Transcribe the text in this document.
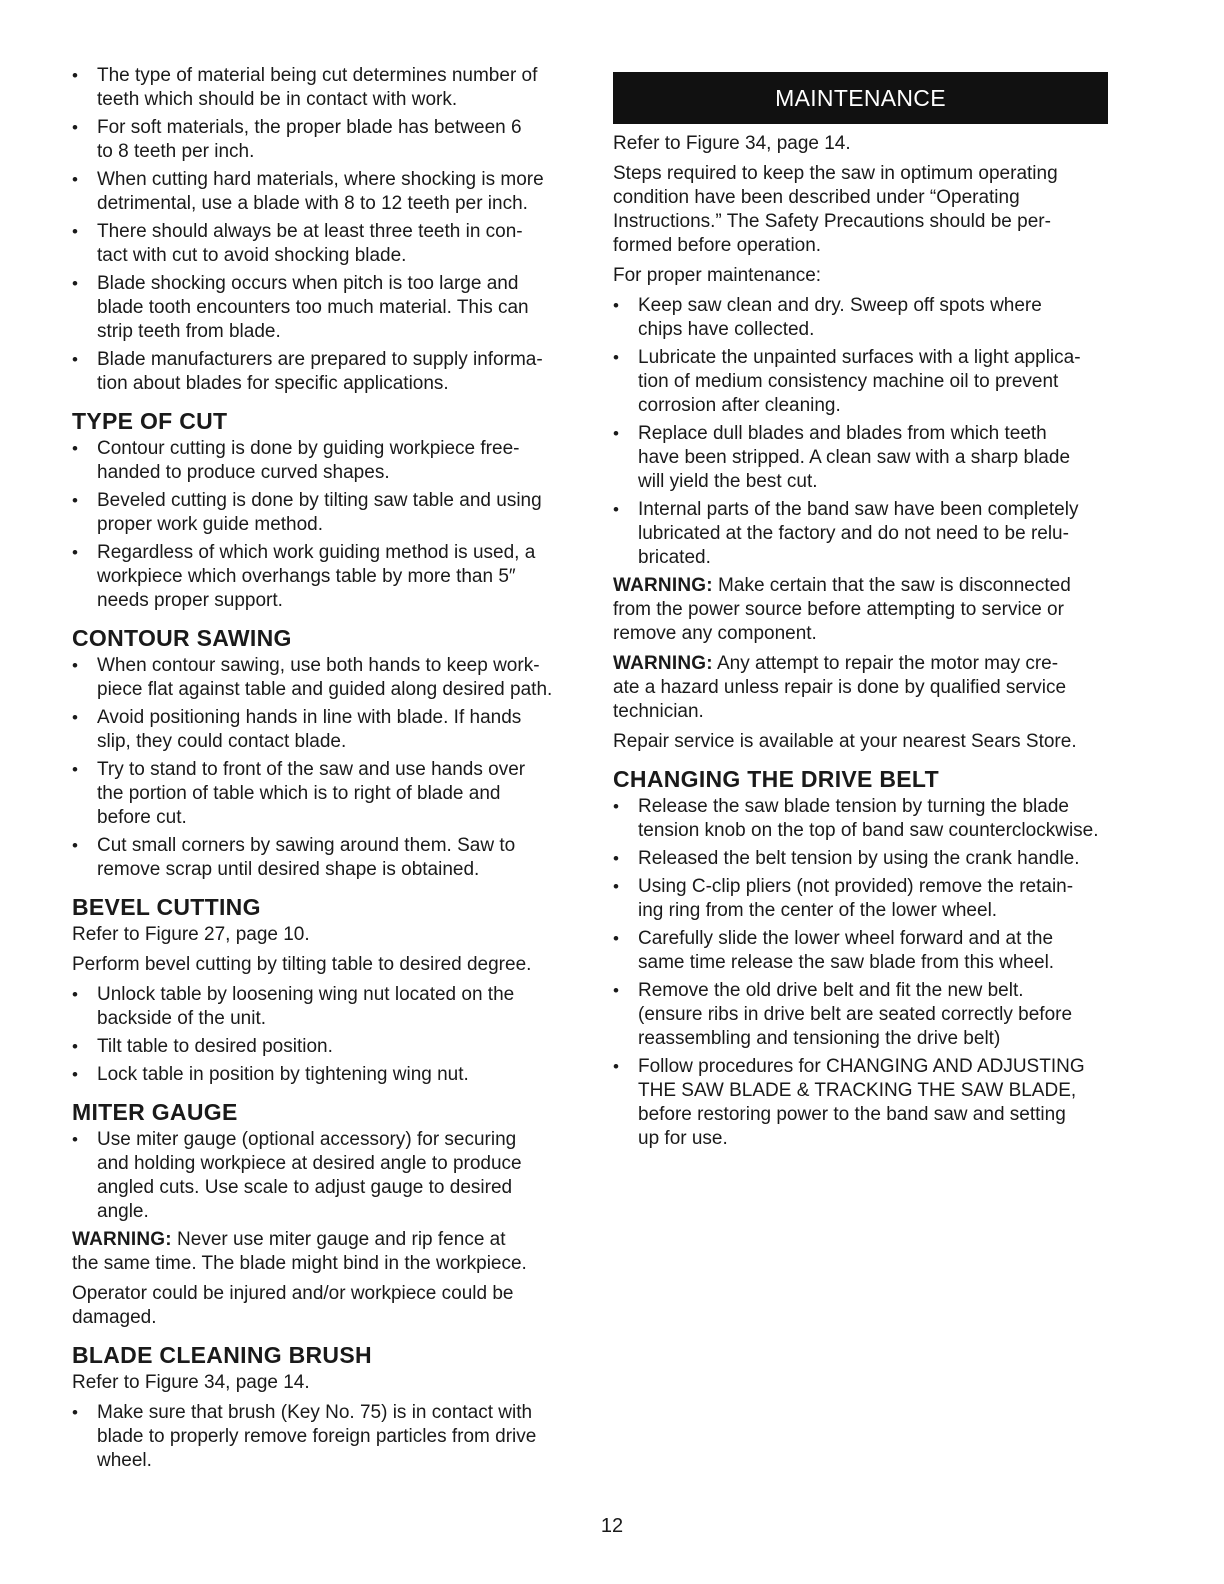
• The type of material being cut determines number of
teeth which should be in contact with work.
• For soft materials, the proper blade has between 6
to 8 teeth per inch.
• When cutting hard materials, where shocking is more
detrimental, use a blade with 8 to 12 teeth per inch.
• There should always be at least three teeth in con-
tact with cut to avoid shocking blade.
• Blade shocking occurs when pitch is too large and
blade tooth encounters too much material. This can
strip teeth from blade.
• Blade manufacturers are prepared to supply informa-
tion about blades for specific applications.
TYPE OF CUT
• Contour cutting is done by guiding workpiece free-
handed to produce curved shapes.
• Beveled cutting is done by tilting saw table and using
proper work guide method.
• Regardless of which work guiding method is used, a
workpiece which overhangs table by more than 5″
needs proper support.
CONTOUR SAWING
• When contour sawing, use both hands to keep work-
piece flat against table and guided along desired path.
• Avoid positioning hands in line with blade. If hands
slip, they could contact blade.
• Try to stand to front of the saw and use hands over
the portion of table which is to right of blade and
before cut.
• Cut small corners by sawing around them. Saw to
remove scrap until desired shape is obtained.
BEVEL CUTTING
Refer to Figure 27, page 10.
Perform bevel cutting by tilting table to desired degree.
• Unlock table by loosening wing nut located on the
backside of the unit.
• Tilt table to desired position.
• Lock table in position by tightening wing nut.
MITER GAUGE
• Use miter gauge (optional accessory) for securing
and holding workpiece at desired angle to produce
angled cuts. Use scale to adjust gauge to desired
angle.
WARNING: Never use miter gauge and rip fence at
the same time. The blade might bind in the workpiece.
Operator could be injured and/or workpiece could be
damaged.
BLADE CLEANING BRUSH
Refer to Figure 34, page 14.
• Make sure that brush (Key No. 75) is in contact with
blade to properly remove foreign particles from drive
wheel.
MAINTENANCE
Refer to Figure 34, page 14.
Steps required to keep the saw in optimum operating
condition have been described under “Operating
Instructions.” The Safety Precautions should be per-
formed before operation.
For proper maintenance:
• Keep saw clean and dry. Sweep off spots where
chips have collected.
• Lubricate the unpainted surfaces with a light applica-
tion of medium consistency machine oil to prevent
corrosion after cleaning.
• Replace dull blades and blades from which teeth
have been stripped. A clean saw with a sharp blade
will yield the best cut.
• Internal parts of the band saw have been completely
lubricated at the factory and do not need to be relu-
bricated.
WARNING: Make certain that the saw is disconnected
from the power source before attempting to service or
remove any component.
WARNING: Any attempt to repair the motor may cre-
ate a hazard unless repair is done by qualified service
technician.
Repair service is available at your nearest Sears Store.
CHANGING THE DRIVE BELT
• Release the saw blade tension by turning the blade
tension knob on the top of band saw counterclockwise.
• Released the belt tension by using the crank handle.
• Using C-clip pliers (not provided) remove the retain-
ing ring from the center of the lower wheel.
• Carefully slide the lower wheel forward and at the
same time release the saw blade from this wheel.
• Remove the old drive belt and fit the new belt.
(ensure ribs in drive belt are seated correctly before
reassembling and tensioning the drive belt)
• Follow procedures for CHANGING AND ADJUSTING
THE SAW BLADE & TRACKING THE SAW BLADE,
before restoring power to the band saw and setting
up for use.
12
